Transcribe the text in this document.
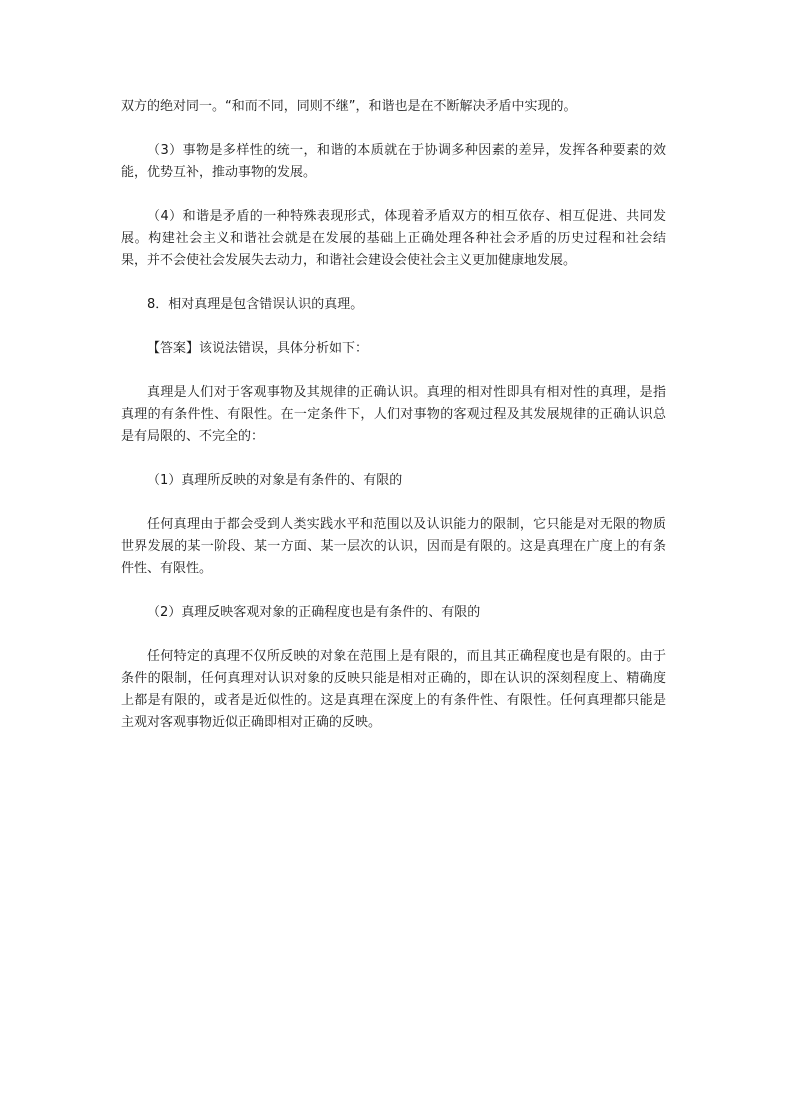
双方的绝对同一。“和而不同，同则不继”，和谐也是在不断解决矛盾中实现的。

（3）事物是多样性的统一，和谐的本质就在于协调多种因素的差异，发挥各种要素的效能，优势互补，推动事物的发展。

（4）和谐是矛盾的一种特殊表现形式，体现着矛盾双方的相互依存、相互促进、共同发展。构建社会主义和谐社会就是在发展的基础上正确处理各种社会矛盾的历史过程和社会结果，并不会使社会发展失去动力，和谐社会建设会使社会主义更加健康地发展。

8．相对真理是包含错误认识的真理。

【答案】该说法错误，具体分析如下：

真理是人们对于客观事物及其规律的正确认识。真理的相对性即具有相对性的真理，是指真理的有条件性、有限性。在一定条件下，人们对事物的客观过程及其发展规律的正确认识总是有局限的、不完全的：

（1）真理所反映的对象是有条件的、有限的

任何真理由于都会受到人类实践水平和范围以及认识能力的限制，它只能是对无限的物质世界发展的某一阶段、某一方面、某一层次的认识，因而是有限的。这是真理在广度上的有条件性、有限性。

（2）真理反映客观对象的正确程度也是有条件的、有限的

任何特定的真理不仅所反映的对象在范围上是有限的，而且其正确程度也是有限的。由于条件的限制，任何真理对认识对象的反映只能是相对正确的，即在认识的深刻程度上、精确度上都是有限的，或者是近似性的。这是真理在深度上的有条件性、有限性。任何真理都只能是主观对客观事物近似正确即相对正确的反映。
